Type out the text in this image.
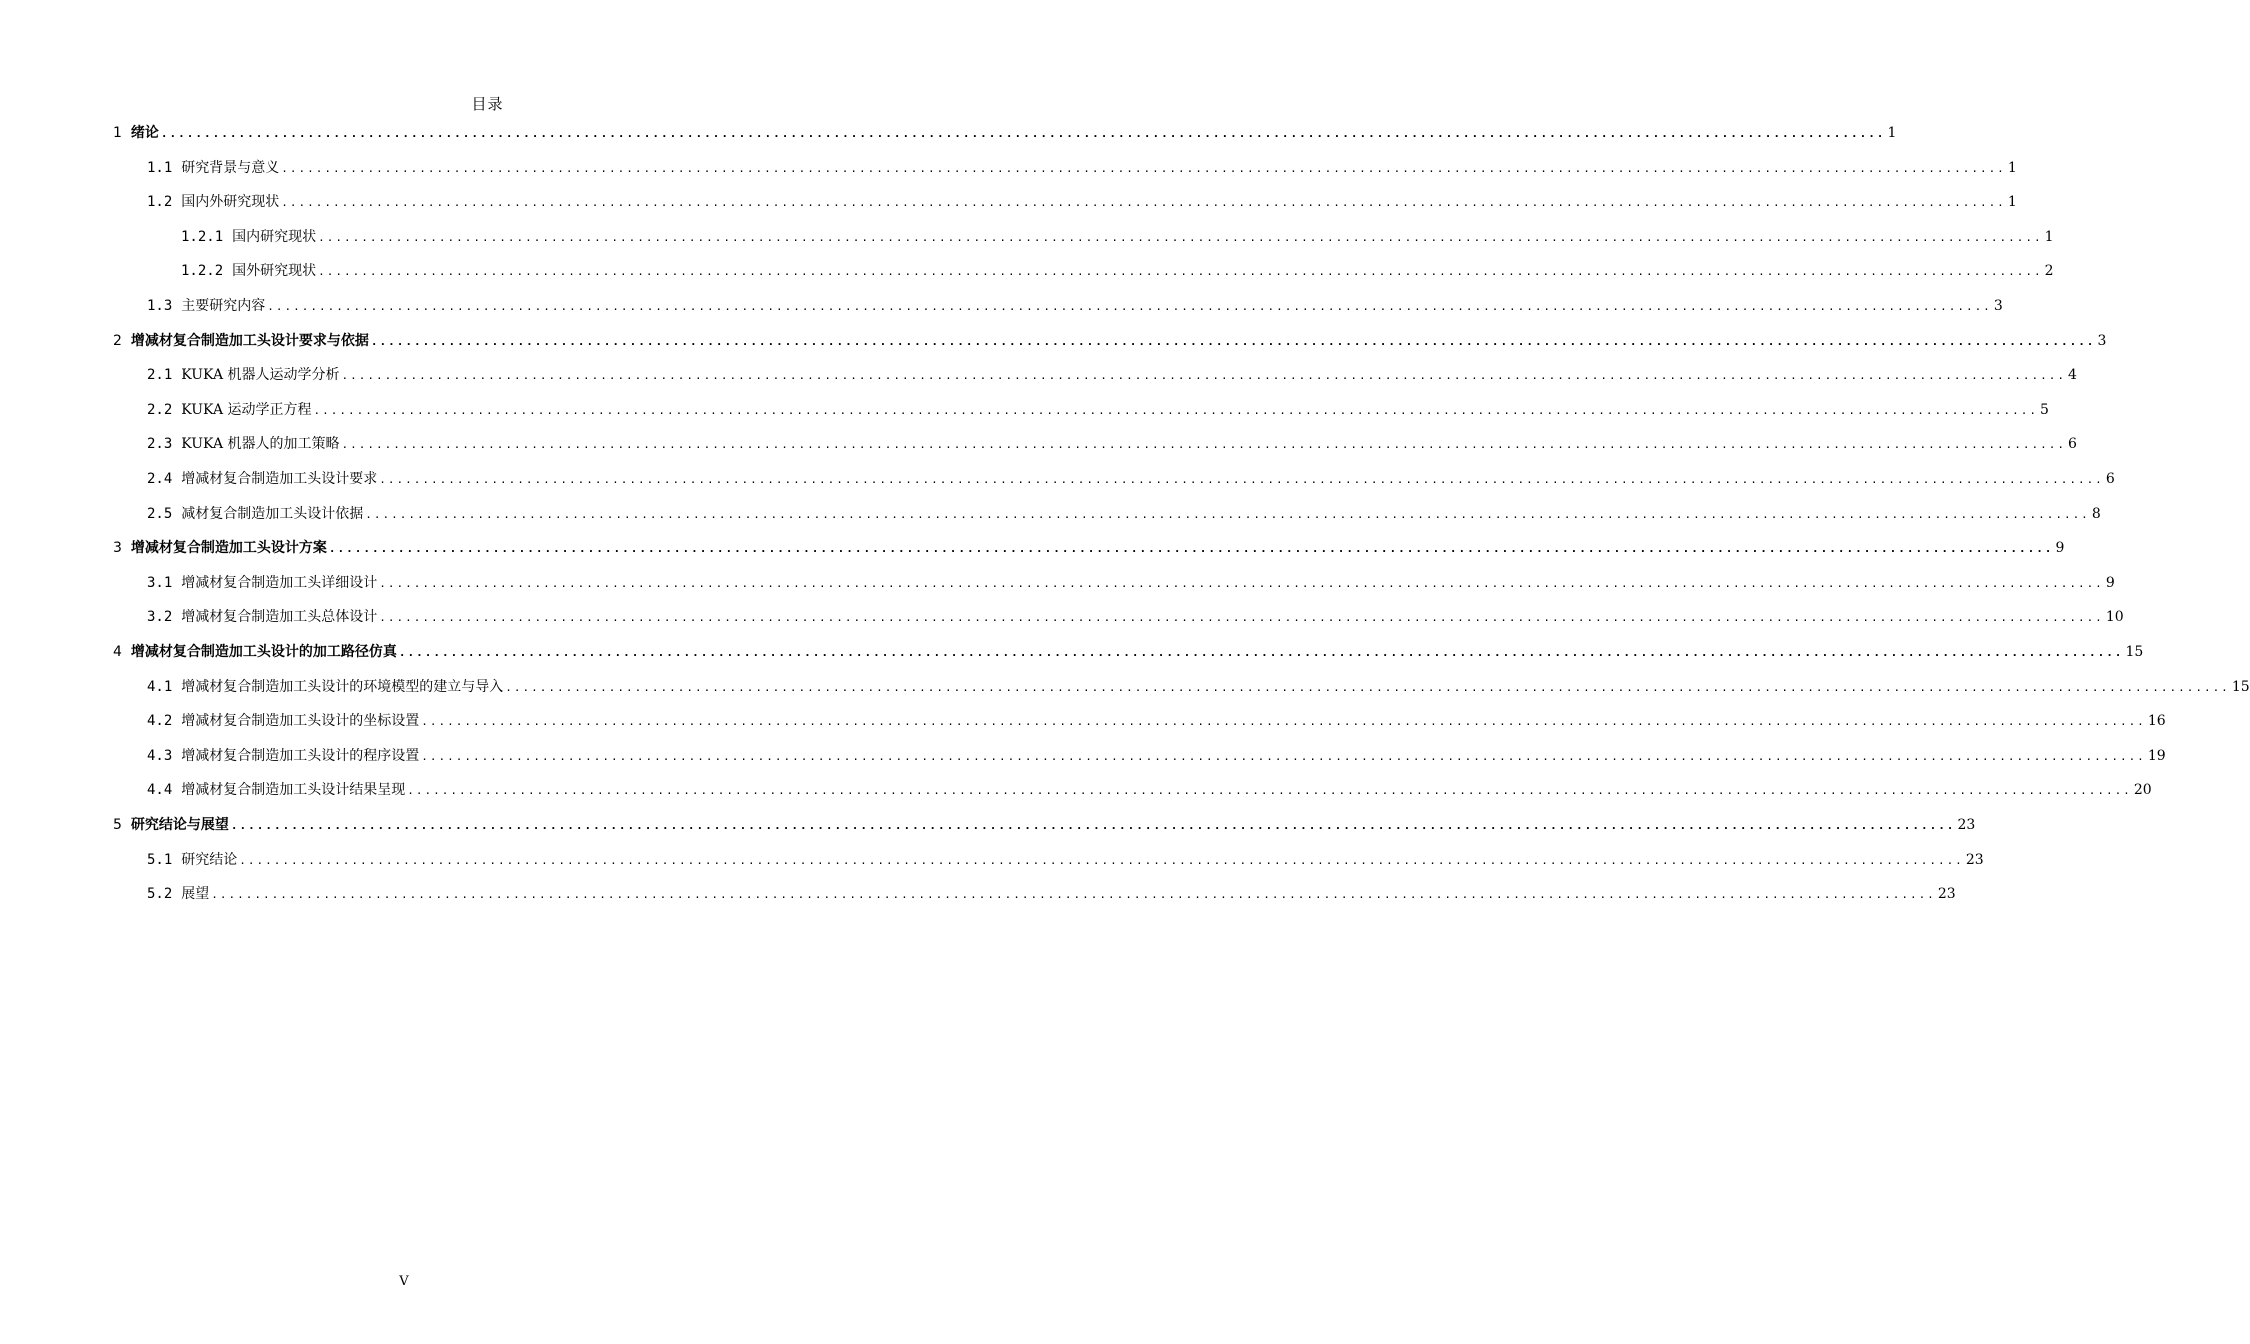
目录
1 绪论 ........................................................................................................................................................................................................ 1
1.1 研究背景与意义 ........................................................................................................................................................................................................ 1
1.2 国内外研究现状 ........................................................................................................................................................................................................ 1
1.2.1 国内研究现状 ........................................................................................................................................................................................................ 1
1.2.2 国外研究现状 ........................................................................................................................................................................................................ 2
1.3 主要研究内容 ........................................................................................................................................................................................................ 3
2 增减材复合制造加工头设计要求与依据 ........................................................................................................................................................................................................ 3
2.1 KUKA 机器人运动学分析 ........................................................................................................................................................................................................ 4
2.2 KUKA 运动学正方程 ........................................................................................................................................................................................................ 5
2.3 KUKA 机器人的加工策略 ........................................................................................................................................................................................................ 6
2.4 增减材复合制造加工头设计要求 ........................................................................................................................................................................................................ 6
2.5 减材复合制造加工头设计依据 ........................................................................................................................................................................................................ 8
3 增减材复合制造加工头设计方案 ........................................................................................................................................................................................................ 9
3.1 增减材复合制造加工头详细设计 ........................................................................................................................................................................................................ 9
3.2 增减材复合制造加工头总体设计 ........................................................................................................................................................................................................ 10
4 增减材复合制造加工头设计的加工路径仿真 ........................................................................................................................................................................................................ 15
4.1 增减材复合制造加工头设计的环境模型的建立与导入 ........................................................................................................................................................................................................ 15
4.2 增减材复合制造加工头设计的坐标设置 ........................................................................................................................................................................................................ 16
4.3 增减材复合制造加工头设计的程序设置 ........................................................................................................................................................................................................ 19
4.4 增减材复合制造加工头设计结果呈现 ........................................................................................................................................................................................................ 20
5 研究结论与展望 ........................................................................................................................................................................................................ 23
5.1 研究结论 ........................................................................................................................................................................................................ 23
5.2 展望 ........................................................................................................................................................................................................ 23
V
